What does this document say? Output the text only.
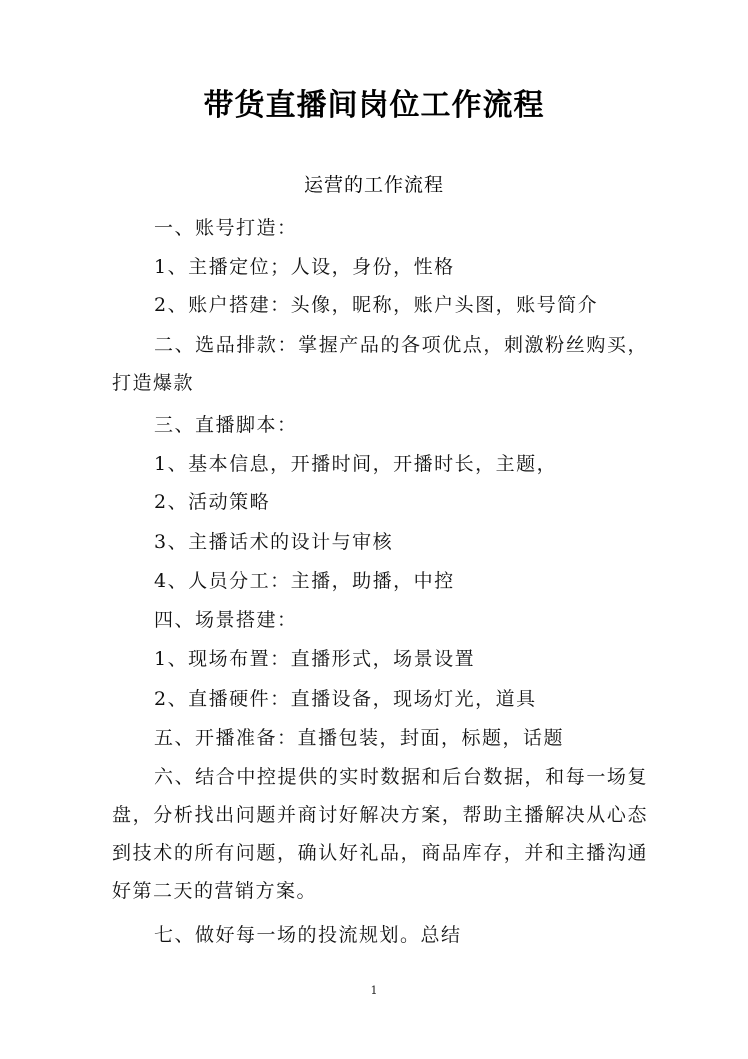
带货直播间岗位工作流程
运营的工作流程
一、账号打造：
1、主播定位；人设，身份，性格
2、账户搭建：头像，昵称，账户头图，账号简介
二、选品排款：掌握产品的各项优点，刺激粉丝购买，打造爆款
三、直播脚本：
1、基本信息，开播时间，开播时长，主题，
2、活动策略
3、主播话术的设计与审核
4、人员分工：主播，助播，中控
四、场景搭建：
1、现场布置：直播形式，场景设置
2、直播硬件：直播设备，现场灯光，道具
五、开播准备：直播包装，封面，标题，话题
六、结合中控提供的实时数据和后台数据，和每一场复盘，分析找出问题并商讨好解决方案，帮助主播解决从心态到技术的所有问题，确认好礼品，商品库存，并和主播沟通好第二天的营销方案。
七、做好每一场的投流规划。总结
1
